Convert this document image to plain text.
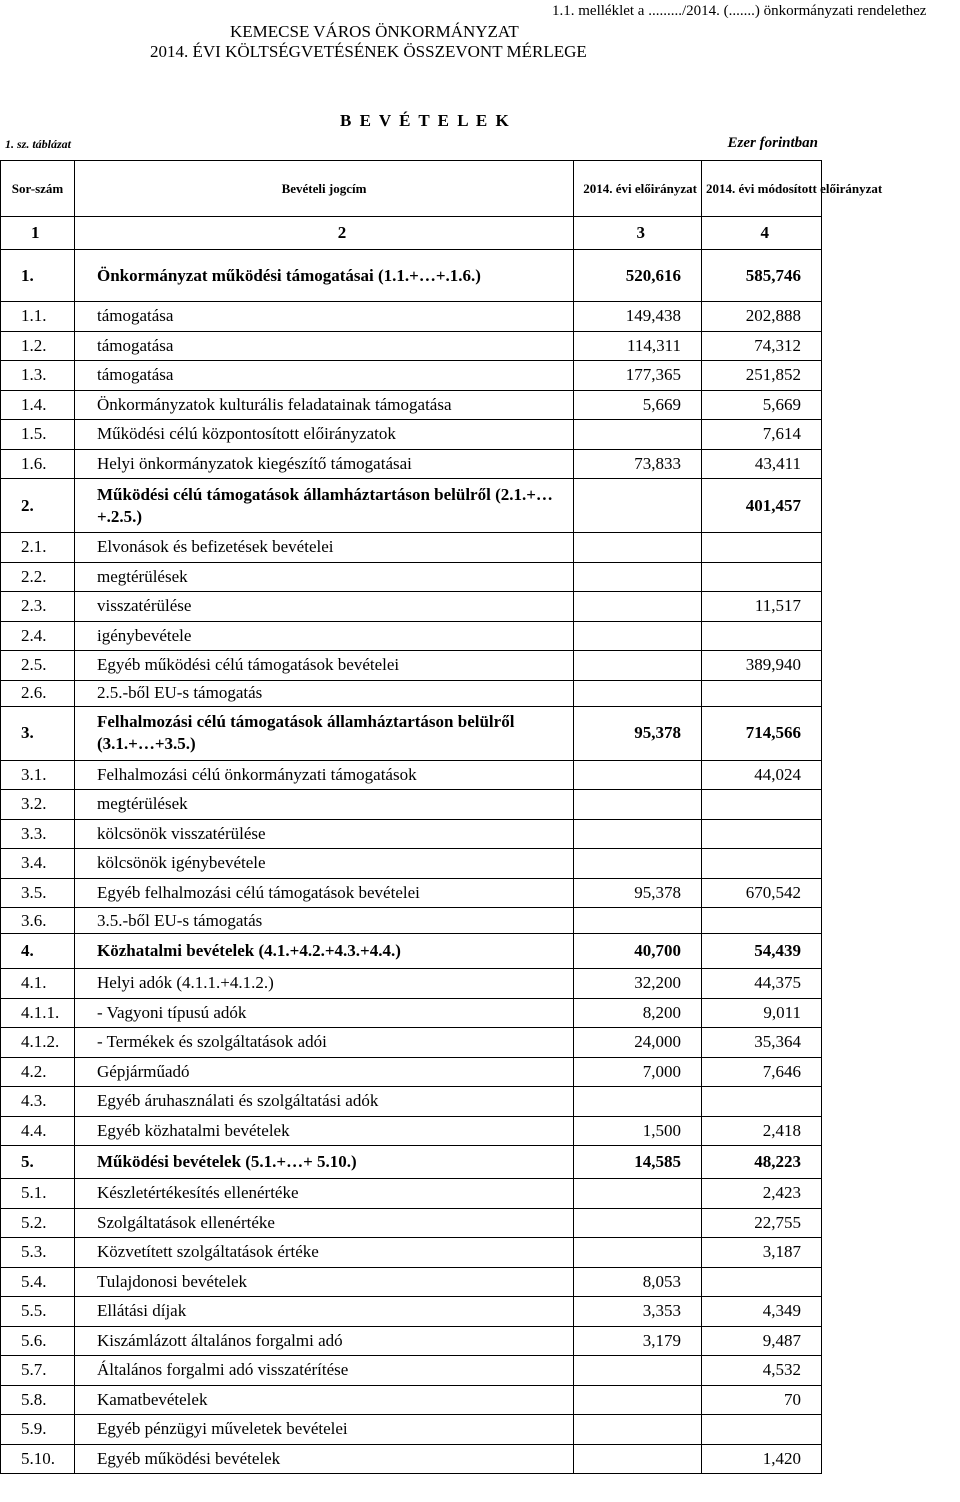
1.1. melléklet a ........./2014. (.......) önkormányzati rendelethez
KEMECSE VÁROS ÖNKORMÁNYZAT
2014. ÉVI KÖLTSÉGVETÉSÉNEK ÖSSZEVONT MÉRLEGE
B E V É T E L E K
1. sz. táblázat	Ezer forintban
Sor-szám	Bevételi jogcím	2014. évi előirányzat	2014. évi módosított előirányzat
1	2	3	4
1.	Önkormányzat működési támogatásai (1.1.+…+.1.6.)	520,616	585,746
1.1.	támogatása	149,438	202,888
1.2.	támogatása	114,311	74,312
1.3.	támogatása	177,365	251,852
1.4.	Önkormányzatok kulturális feladatainak támogatása	5,669	5,669
1.5.	Működési célú központosított előirányzatok		7,614
1.6.	Helyi önkormányzatok kiegészítő támogatásai	73,833	43,411
2.	Működési célú támogatások államháztartáson belülről (2.1.+…+.2.5.)		401,457
2.1.	Elvonások és befizetések bevételei		
2.2.	megtérülések		
2.3.	visszatérülése		11,517
2.4.	igénybevétele		
2.5.	Egyéb működési célú támogatások bevételei		389,940
2.6.	2.5.-ből EU-s támogatás		
3.	Felhalmozási célú támogatások államháztartáson belülről (3.1.+…+3.5.)	95,378	714,566
3.1.	Felhalmozási célú önkormányzati támogatások		44,024
3.2.	megtérülések		
3.3.	kölcsönök visszatérülése		
3.4.	kölcsönök igénybevétele		
3.5.	Egyéb felhalmozási célú támogatások bevételei	95,378	670,542
3.6.	3.5.-ből EU-s támogatás		
4.	Közhatalmi bevételek (4.1.+4.2.+4.3.+4.4.)	40,700	54,439
4.1.	Helyi adók (4.1.1.+4.1.2.)	32,200	44,375
4.1.1.	- Vagyoni típusú adók	8,200	9,011
4.1.2.	- Termékek és szolgáltatások adói	24,000	35,364
4.2.	Gépjárműadó	7,000	7,646
4.3.	Egyéb áruhasználati és szolgáltatási adók		
4.4.	Egyéb közhatalmi bevételek	1,500	2,418
5.	Működési bevételek (5.1.+…+ 5.10.)	14,585	48,223
5.1.	Készletértékesítés ellenértéke		2,423
5.2.	Szolgáltatások ellenértéke		22,755
5.3.	Közvetített szolgáltatások értéke		3,187
5.4.	Tulajdonosi bevételek	8,053	
5.5.	Ellátási díjak	3,353	4,349
5.6.	Kiszámlázott általános forgalmi adó	3,179	9,487
5.7.	Általános forgalmi adó visszatérítése		4,532
5.8.	Kamatbevételek		70
5.9.	Egyéb pénzügyi műveletek bevételei		
5.10.	Egyéb működési bevételek		1,420
